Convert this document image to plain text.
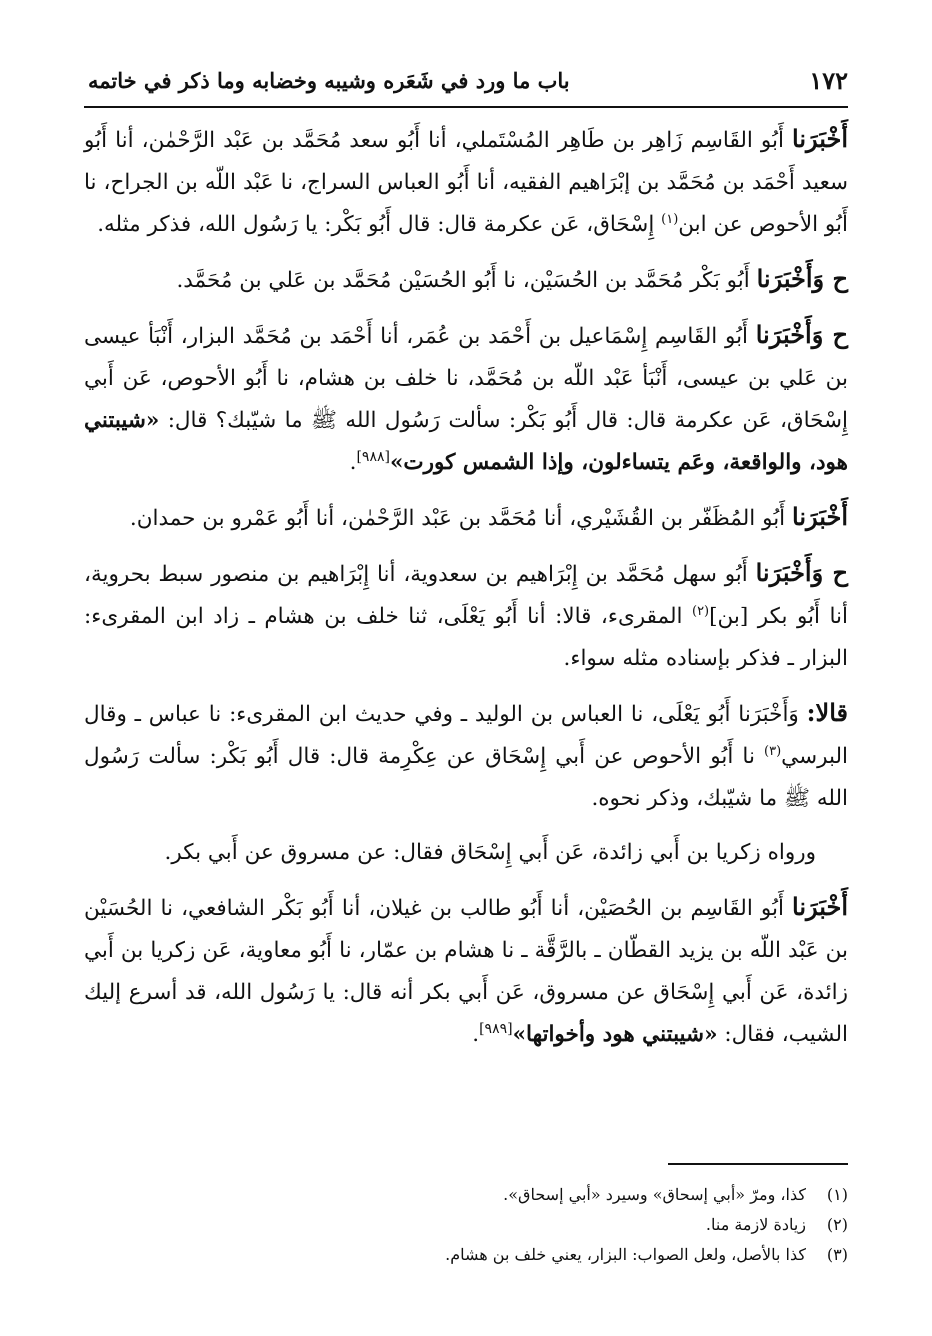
١٧٢
باب ما ورد في شَعَره وشيبه وخضابه وما ذكر في خاتمه

أَخْبَرَنا أَبُو القَاسِم زَاهِر بن طَاهِر المُسْتَملي، أنا أَبُو سعد مُحَمَّد بن عَبْد الرَّحْمٰن، أنا أَبُو سعيد أَحْمَد بن مُحَمَّد بن إبْرَاهيم الفقيه، أنا أَبُو العباس السراج، نا عَبْد اللّه بن الجراح، نا أَبُو الأحوص عن ابن$^{(١)}$ إِسْحَاق، عَن عكرمة قال: قال أَبُو بَكْر: يا رَسُول الله، فذكر مثله.

ح وَأَخْبَرَنا أَبُو بَكْر مُحَمَّد بن الحُسَيْن، نا أَبُو الحُسَيْن مُحَمَّد بن عَلي بن مُحَمَّد.

ح وَأَخْبَرَنا أَبُو القَاسِم إِسْمَاعيل بن أَحْمَد بن عُمَر، أنا أَحْمَد بن مُحَمَّد البزار، أَنْبَأ عيسى بن عَلي بن عيسى، أَنْبَأ عَبْد اللّه بن مُحَمَّد، نا خلف بن هشام، نا أَبُو الأحوص، عَن أَبي إِسْحَاق، عَن عكرمة قال: قال أَبُو بَكْر: سألت رَسُول الله ﷺ ما شيّبك؟ قال: «شيبتني هود، والواقعة، وعَم يتساءلون، وإذا الشمس كورت»[٩٨٨].

أَخْبَرَنا أَبُو المُظَفّر بن القُشَيْري، أنا مُحَمَّد بن عَبْد الرَّحْمٰن، أنا أَبُو عَمْرو بن حمدان.

ح وَأَخْبَرَنا أَبُو سهل مُحَمَّد بن إِبْرَاهيم بن سعدوية، أنا إِبْرَاهيم بن منصور سبط بحروية، أنا أَبُو بكر [بن]$^{(٢)}$ المقرىء، قالا: أنا أَبُو يَعْلَى، ثنا خلف بن هشام ـ زاد ابن المقرىء: البزار ـ فذكر بإسناده مثله سواء.

قالا: وَأَخْبَرَنا أَبُو يَعْلَى، نا العباس بن الوليد ـ وفي حديث ابن المقرىء: نا عباس ـ وقال البرسي$^{(٣)}$ نا أَبُو الأحوص عن أَبي إِسْحَاق عن عِكْرِمة قال: قال أَبُو بَكْر: سألت رَسُول الله ﷺ ما شيّبك، وذكر نحوه.

ورواه زكريا بن أَبي زائدة، عَن أَبي إِسْحَاق فقال: عن مسروق عن أَبي بكر.

أَخْبَرَنا أَبُو القَاسِم بن الحُصَيْن، أنا أَبُو طالب بن غيلان، أنا أَبُو بَكْر الشافعي، نا الحُسَيْن بن عَبْد اللّه بن يزيد القطّان ـ بالرَّقَّة ـ نا هشام بن عمّار، نا أَبُو معاوية، عَن زكريا بن أَبي زائدة، عَن أَبي إِسْحَاق عن مسروق، عَن أَبي بكر أنه قال: يا رَسُول الله، قد أسرع إليك الشيب، فقال: «شيبتني هود وأخواتها»[٩٨٩].

(١)
كذا، ومرّ «أبي إسحاق» وسيرد «أبي إسحاق».
(٢)
زيادة لازمة منا.
(٣)
كذا بالأصل، ولعل الصواب: البزار، يعني خلف بن هشام.
